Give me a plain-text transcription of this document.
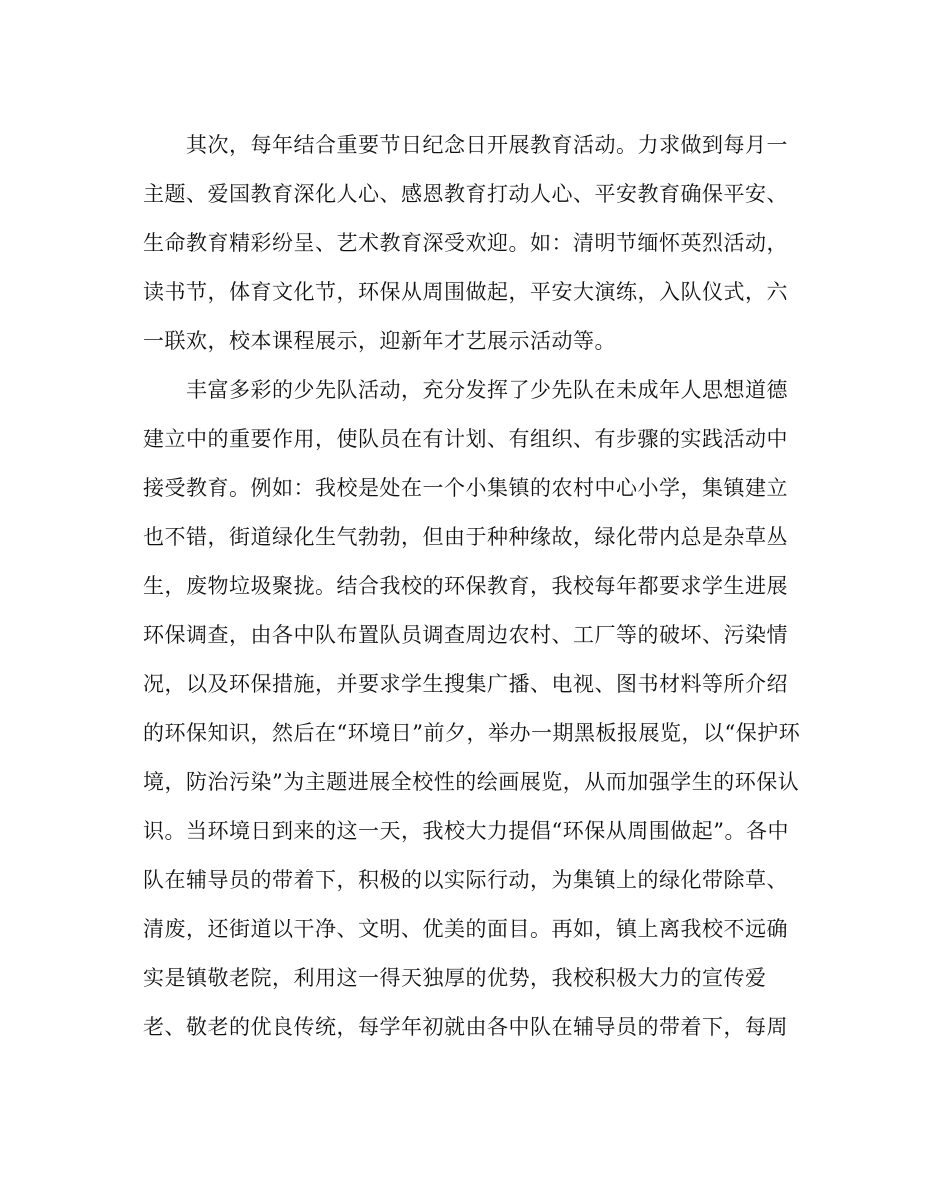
其次，每年结合重要节日纪念日开展教育活动。力求做到每月一
主题、爱国教育深化人心、感恩教育打动人心、平安教育确保平安、
生命教育精彩纷呈、艺术教育深受欢迎。如：清明节缅怀英烈活动，
读书节，体育文化节，环保从周围做起，平安大演练，入队仪式，六
一联欢，校本课程展示，迎新年才艺展示活动等。
丰富多彩的少先队活动，充分发挥了少先队在未成年人思想道德
建立中的重要作用，使队员在有计划、有组织、有步骤的实践活动中
接受教育。例如：我校是处在一个小集镇的农村中心小学，集镇建立
也不错，街道绿化生气勃勃，但由于种种缘故，绿化带内总是杂草丛
生，废物垃圾聚拢。结合我校的环保教育，我校每年都要求学生进展
环保调查，由各中队布置队员调查周边农村、工厂等的破坏、污染情
况，以及环保措施，并要求学生搜集广播、电视、图书材料等所介绍
的环保知识，然后在“环境日”前夕，举办一期黑板报展览，以“保护环
境，防治污染”为主题进展全校性的绘画展览，从而加强学生的环保认
识。当环境日到来的这一天，我校大力提倡“环保从周围做起”。各中
队在辅导员的带着下，积极的以实际行动，为集镇上的绿化带除草、
清废，还街道以干净、文明、优美的面目。再如，镇上离我校不远确
实是镇敬老院，利用这一得天独厚的优势，我校积极大力的宣传爱
老、敬老的优良传统，每学年初就由各中队在辅导员的带着下，每周
